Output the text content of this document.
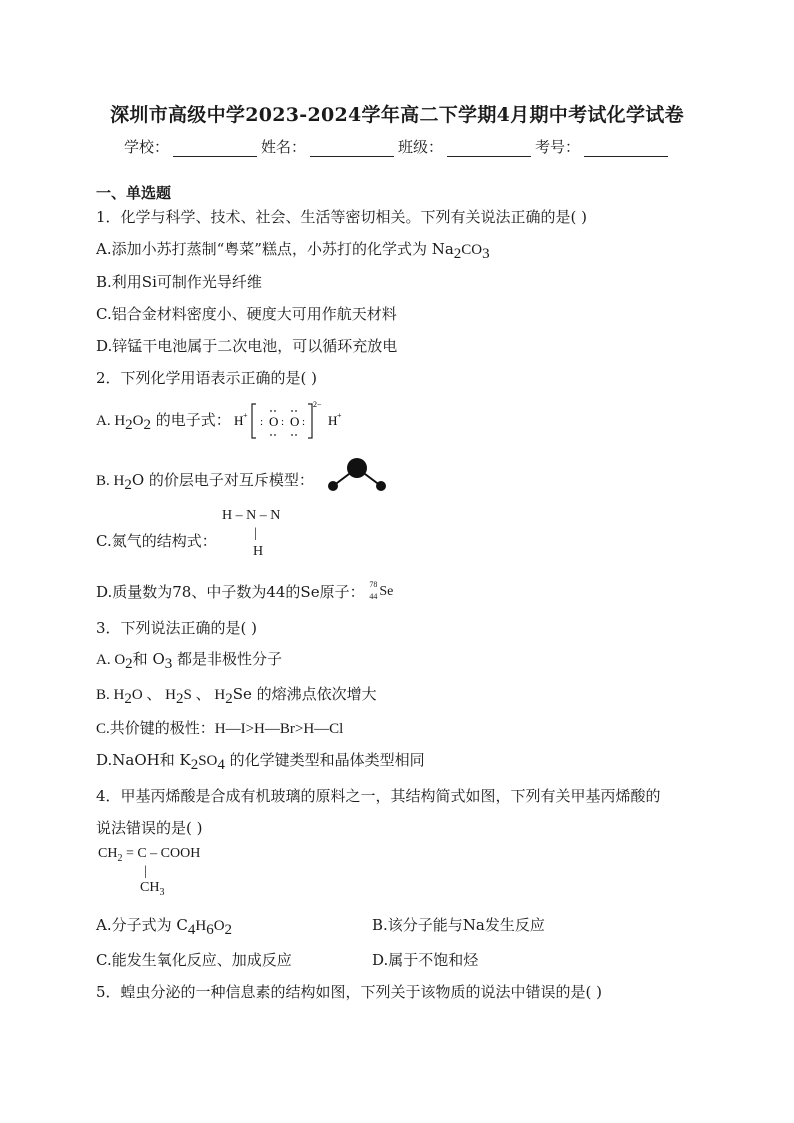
深圳市高级中学2023-2024学年高二下学期4月期中考试化学试卷
学校：	姓名：	班级：	考号：
一、单选题
1．化学与科学、技术、社会、生活等密切相关。下列有关说法正确的是( )
A.添加小苏打蒸制“粤菜”糕点，小苏打的化学式为 $Na_2CO_3$
B.利用Si可制作光导纤维
C.铝合金材料密度小、硬度大可用作航天材料
D.锌锰干电池属于二次电池，可以循环充放电
2．下列化学用语表示正确的是( )
A. $H_2O_2$ 的电子式： H +
: O : O :
2−
H +
B. $H_2O$ 的价层电子对互斥模型：
C.氮气的结构式：
H – N – N
|
H
D.质量数为78、中子数为44的Se原子： 78
44 Se
3．下列说法正确的是( )
A. $O_2$和 $O_3$ 都是非极性分子
B. $H_2O$ 、 $H_2S$ 、 $H_2Se$ 的熔沸点依次增大
C.共价键的极性：H—I>H—Br>H—Cl
D.NaOH和 $K_2SO_4$ 的化学键类型和晶体类型相同
4．甲基丙烯酸是合成有机玻璃的原料之一，其结构简式如图，下列有关甲基丙烯酸的
说法错误的是( )
$CH_2 = C$ – COOH
|
$CH_3$
A.分子式为 $C_4H_6O_2$	B.该分子能与Na发生反应
C.能发生氧化反应、加成反应	D.属于不饱和烃
5．蝗虫分泌的一种信息素的结构如图，下列关于该物质的说法中错误的是( )
